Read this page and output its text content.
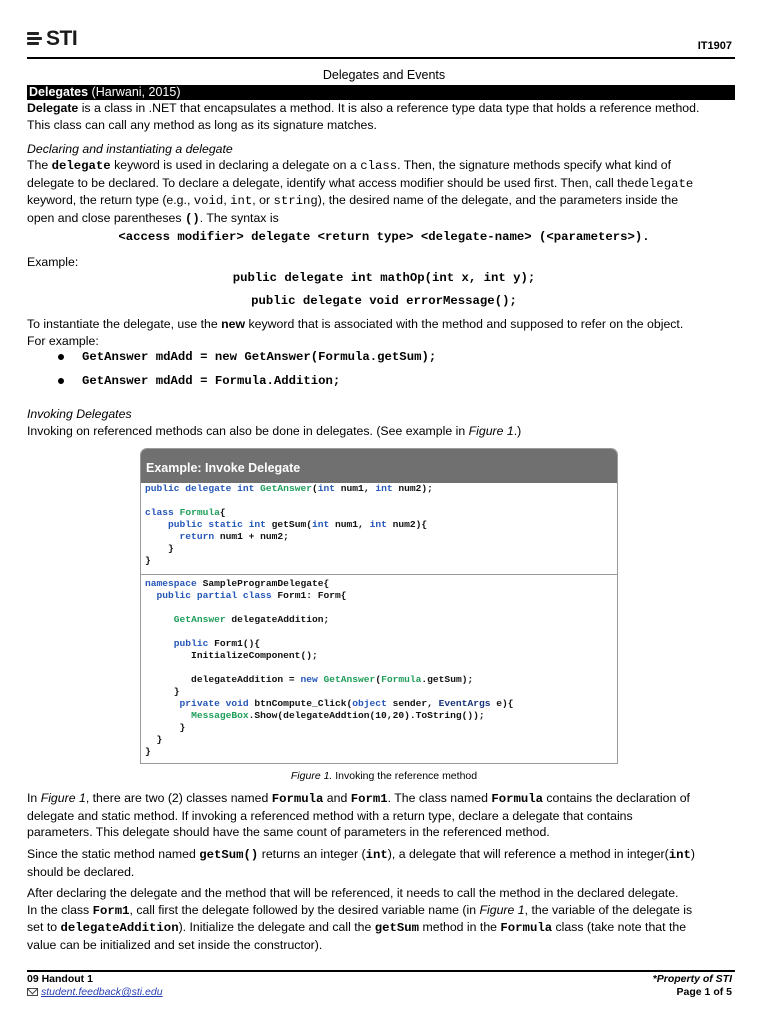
STI	IT1907
Delegates and Events
Delegates (Harwani, 2015)
Delegate is a class in .NET that encapsulates a method. It is also a reference type data type that holds a reference method.
This class can call any method as long as its signature matches.
Declaring and instantiating a delegate
The delegate keyword is used in declaring a delegate on a class. Then, the signature methods specify what kind of
delegate to be declared. To declare a delegate, identify what access modifier should be used first. Then, call thedelegate
keyword, the return type (e.g., void, int, or string), the desired name of the delegate, and the parameters inside the
open and close parentheses (). The syntax is
<access modifier> delegate <return type> <delegate-name> (<parameters>).
Example:
public delegate int mathOp(int x, int y);
public delegate void errorMessage();
To instantiate the delegate, use the new keyword that is associated with the method and supposed to refer on the object.
For example:
GetAnswer mdAdd = new GetAnswer(Formula.getSum);
GetAnswer mdAdd = Formula.Addition;
Invoking Delegates
Invoking on referenced methods can also be done in delegates. (See example in Figure 1.)
Example: Invoke Delegate
public delegate int GetAnswer(int num1, int num2);
class Formula{
public static int getSum(int num1, int num2){
return num1 + num2;
}
}
namespace SampleProgramDelegate{
public partial class Form1: Form{
GetAnswer delegateAddition;
public Form1(){
InitializeComponent();
delegateAddition = new GetAnswer(Formula.getSum);
}
private void btnCompute_Click(object sender, EventArgs e){
MessageBox.Show(delegateAddtion(10,20).ToString());
}
}
}
Figure 1. Invoking the reference method
In Figure 1, there are two (2) classes named Formula and Form1. The class named Formula contains the declaration of
delegate and static method. If invoking a referenced method with a return type, declare a delegate that contains
parameters. This delegate should have the same count of parameters in the referenced method.
Since the static method named getSum() returns an integer (int), a delegate that will reference a method in integer(int)
should be declared.
After declaring the delegate and the method that will be referenced, it needs to call the method in the declared delegate.
In the class Form1, call first the delegate followed by the desired variable name (in Figure 1, the variable of the delegate is
set to delegateAddition). Initialize the delegate and call the getSum method in the Formula class (take note that the
value can be initialized and set inside the constructor).
09 Handout 1
student.feedback@sti.edu
*Property of STI
Page 1 of 5
